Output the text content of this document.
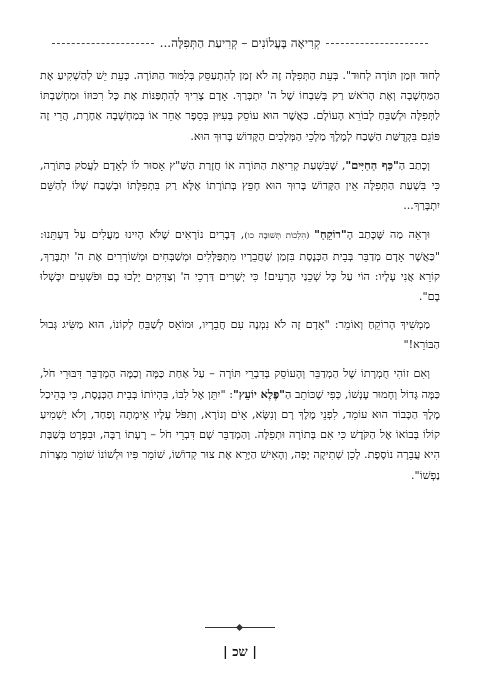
קְרִיאָה בָּעֲלוֹנִים – קְרִיעַת הַתְּפִלָּה...

לְחוּד וּזְמַן תּוֹרָה לְחוּד". בְּעֵת הַתְּפִלָּה זֶה לֹא זְמַן לְהִתְעַסֵּק בְּלִמּוּד הַתּוֹרָה. כָּעֵת יֵשׁ לְהַשְׁקִיעַ אֶת הַמַּחְשָׁבָה וְאֶת הָרֹאשׁ רַק בְּשִׁבְחוֹ שֶׁל ה' יִתְבָּרַךְ. אָדָם צָרִיךְ לְהִתְפַּנּוֹת אֶת כָּל רִכּוּזוֹ וּמַחְשַׁבְתּוֹ לַתְּפִלָּה וּלְשַׁבֵּחַ לְבוֹרֵא הָעוֹלָם. כַּאֲשֶׁר הוּא עוֹסֵק בְּעִיּוּן בְּסֵפֶר אַחֵר אוֹ בְּמַחְשָׁבָה אַחֶרֶת, הֲרֵי זֶה פּוֹגֵם בִּקְדֻשַּׁת הַשֶּׁבַח לְמֶלֶךְ מַלְכֵי הַמְּלָכִים הַקָּדוֹשׁ בָּרוּךְ הוּא.

וְכָתַב הַ"כַּף הַחַיִּים", שֶׁבִּשְׁעַת קְרִיאַת הַתּוֹרָה אוֹ חֲזָרַת הַשַּׁ"ץ אָסוּר לוֹ לְאָדָם לַעֲסֹק בַּתּוֹרָה, כִּי בִּשְׁעַת הַתְּפִלָּה אֵין הַקָּדוֹשׁ בָּרוּךְ הוּא חָפֵץ בְּתוֹרָתוֹ אֶלָּא רַק בִּתְפִלָּתוֹ וּבְשֶׁבַח שֶׁלּוֹ לְהַשֵּׁם יִתְבָּרַךְ...

וּרְאֵה מַה שֶּׁכָּתַב הָ"רוֹקֵחַ" (הִלְכוֹת תְּשׁוּבָה כו), דְּבָרִים נוֹרָאִים שֶׁלֹּא הָיִינוּ מַעֲלִים עַל דַּעְתֵּנוּ: "כַּאֲשֶׁר אָדָם מְדַבֵּר בְּבֵית הַכְּנֶסֶת בִּזְמַן שֶׁחֲבֵרָיו מִתְפַּלְּלִים וּמְשַׁבְּחִים וּמְשׁוֹרְרִים אֶת ה' יִתְבָּרַךְ, קוֹרֵא אֲנִי עָלָיו: הוֹי עַל כָּל שְׁכֵנַי הָרָעִים! כִּי יְשָׁרִים דַּרְכֵי ה' וְצַדִּקִים יֵלְכוּ בָם וּפֹשְׁעִים יִכָּשְׁלוּ בָם".

מַמְשִׁיךְ הָרוֹקֵחַ וְאוֹמֵר: "אָדָם זֶה לֹא נִמְנֶה עִם חֲבֵרָיו, וּמוֹאֵס לְשַׁבֵּחַ לְקוֹנוֹ, הוּא מַשִּׂיג גְּבוּל הַבּוֹרֵא!"

וְאִם זוֹהִי חֻמְרָתוֹ שֶׁל הַמְדַבֵּר וְהָעוֹסֵק בְּדִבְרֵי תּוֹרָה – עַל אַחַת כַּמָּה וְכַמָּה הַמְדַבֵּר דִּבּוּרֵי חֹל, כַּמָּה גָּדוֹל וְחָמוּר עָנְשׁוֹ, כְּפִי שֶׁכּוֹתֵב הַ"פֶּלֶא יוֹעֵץ": "יִתֵּן אֶל לִבּוֹ, בִּהְיוֹתוֹ בְּבֵית הַכְּנֶסֶת, כִּי בְּהֵיכַל מֶלֶךְ הַכָּבוֹד הוּא עוֹמֵד, לִפְנֵי מֶלֶךְ רָם וְנִשָּׂא, אָיֹם וְנוֹרָא, וְתִפֹּל עָלָיו אֵימָתָה וָפַחַד, וְלֹא יַשְׁמִיעַ קוֹלוֹ בְּבוֹאוֹ אֶל הַקֹּדֶשׁ כִּי אִם בְּתוֹרָה וּתְפִלָּה. וְהַמְדַבֵּר שָׁם דִּבְרֵי חֹל – רָעָתוֹ רַבָּה, וּבִפְרָט בְּשַׁבָּת הִיא עֲבֵרָה נוֹסֶפֶת. לָכֵן שְׁתִיקָה יָפָה, וְהָאִישׁ הַיָּרֵא אֶת צוּר קְדוֹשׁוֹ, שׁוֹמֵר פִּיו וּלְשׁוֹנוֹ שׁוֹמֵר מִצָּרוֹת נַפְשׁוֹ".

| שכ |
